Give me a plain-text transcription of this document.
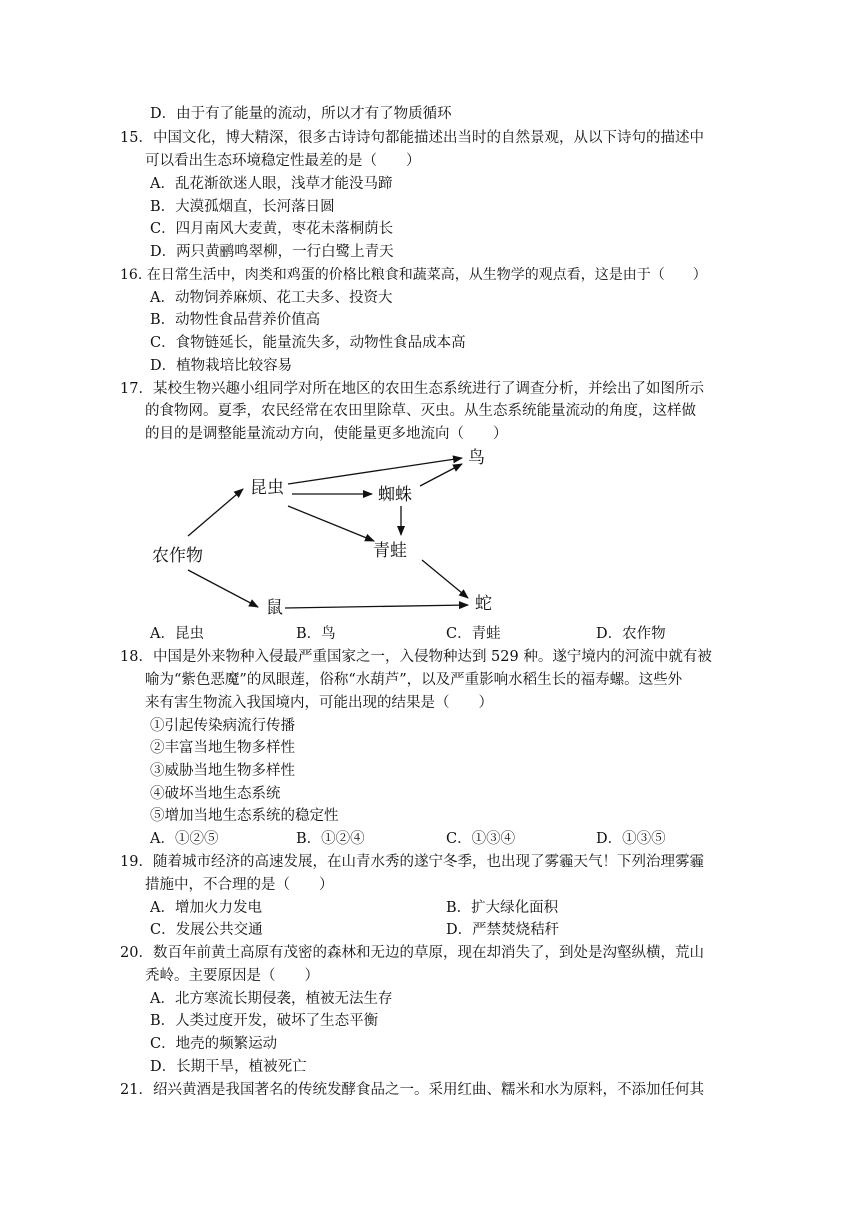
D．由于有了能量的流动，所以才有了物质循环
15．中国文化，博大精深，很多古诗诗句都能描述出当时的自然景观，从以下诗句的描述中
可以看出生态环境稳定性最差的是（　　）
A．乱花渐欲迷人眼，浅草才能没马蹄
B．大漠孤烟直，长河落日圆
C．四月南风大麦黄，枣花未落桐荫长
D．两只黄鹂鸣翠柳，一行白鹭上青天
16. 在日常生活中，肉类和鸡蛋的价格比粮食和蔬菜高，从生物学的观点看，这是由于（　　）
A．动物饲养麻烦、花工夫多、投资大
B．动物性食品营养价值高
C．食物链延长，能量流失多，动物性食品成本高
D．植物栽培比较容易
17．某校生物兴趣小组同学对所在地区的农田生态系统进行了调查分析，并绘出了如图所示
的食物网。夏季，农民经常在农田里除草、灭虫。从生态系统能量流动的角度，这样做
的目的是调整能量流动方向，使能量更多地流向（　　）
农作物
昆虫	蜘蛛
鸟
青蛙
鼠	蛇
A．昆虫	B．鸟	C．青蛙	D．农作物
18．中国是外来物种入侵最严重国家之一，入侵物种达到 529 种。遂宁境内的河流中就有被
喻为“紫色恶魔”的凤眼莲，俗称“水葫芦”，以及严重影响水稻生长的福寿螺。这些外
来有害生物流入我国境内，可能出现的结果是（　　）
①引起传染病流行传播
②丰富当地生物多样性
③威胁当地生物多样性
④破坏当地生态系统
⑤增加当地生态系统的稳定性
A．①②⑤	B．①②④	C．①③④	D．①③⑤
19．随着城市经济的高速发展，在山青水秀的遂宁冬季，也出现了雾霾天气！下列治理雾霾
措施中，不合理的是（　　）
A．增加火力发电	B．扩大绿化面积
C．发展公共交通	D．严禁焚烧秸秆
20．数百年前黄土高原有茂密的森林和无边的草原，现在却消失了，到处是沟壑纵横，荒山
秃岭。主要原因是（　　）
A．北方寒流长期侵袭，植被无法生存
B．人类过度开发，破坏了生态平衡
C．地壳的频繁运动
D．长期干旱，植被死亡
21．绍兴黄酒是我国著名的传统发酵食品之一。采用红曲、糯米和水为原料，不添加任何其
